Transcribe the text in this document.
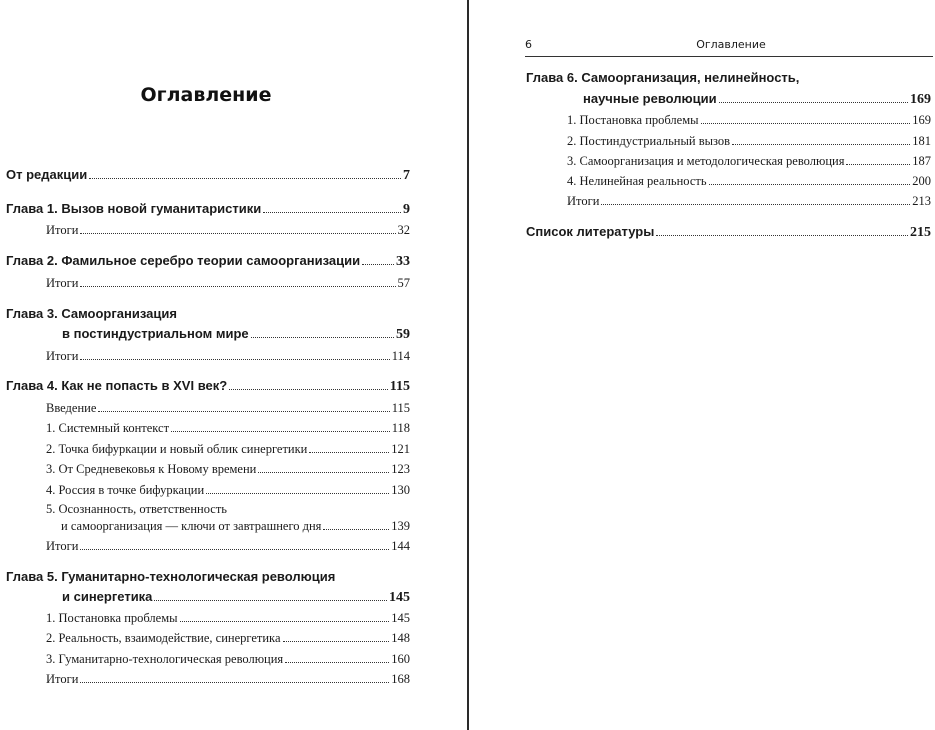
Оглавление
От редакции	7
Глава 1. Вызов новой гуманитаристики	9
Итоги	32
Глава 2. Фамильное серебро теории самоорганизации	33
Итоги	57
Глава 3. Самоорганизация
в постиндустриальном мире	59
Итоги	114
Глава 4. Как не попасть в XVI век?	115
Введение	115
1. Системный контекст	118
2. Точка бифуркации и новый облик синергетики	121
3. От Средневековья к Новому времени	123
4. Россия в точке бифуркации	130
5. Осознанность, ответственность
и самоорганизация — ключи от завтрашнего дня	139
Итоги	144
Глава 5. Гуманитарно-технологическая революция
и синергетика	145
1. Постановка проблемы	145
2. Реальность, взаимодействие, синергетика	148
3. Гуманитарно-технологическая революция	160
Итоги	168
6	Оглавление
Глава 6. Самоорганизация, нелинейность,
научные революции	169
1. Постановка проблемы	169
2. Постиндустриальный вызов	181
3. Самоорганизация и методологическая революция	187
4. Нелинейная реальность	200
Итоги	213
Список литературы	215
